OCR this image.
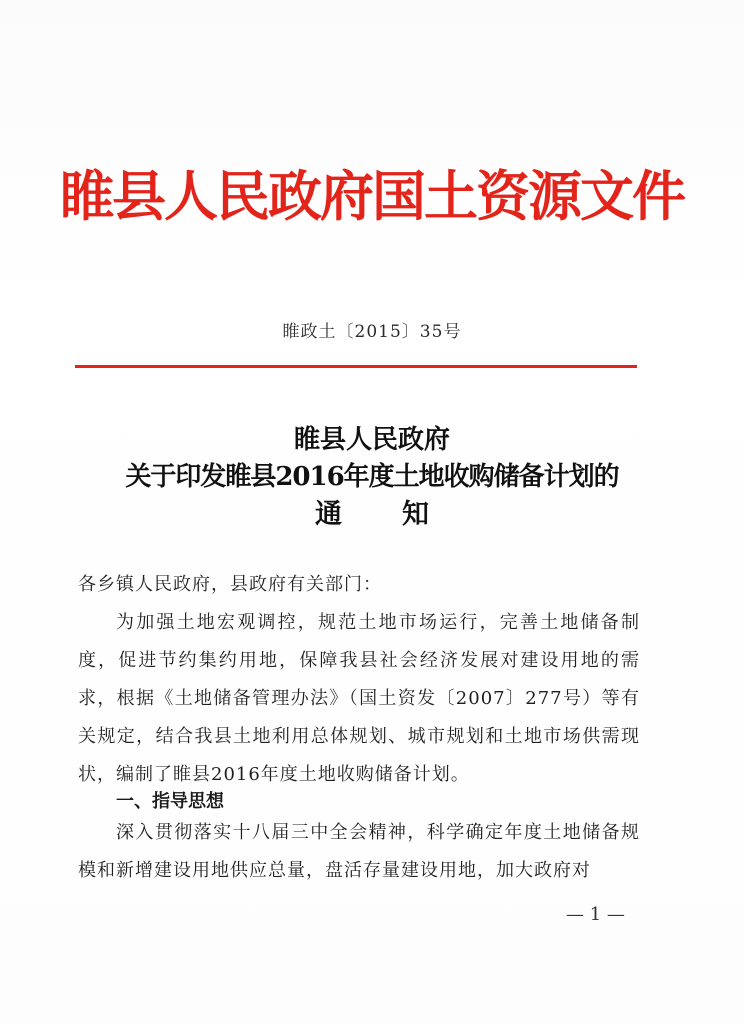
睢县人民政府国土资源文件
睢政土〔2015〕35号
睢县人民政府
关于印发睢县2016年度土地收购储备计划的
通 知
各乡镇人民政府，县政府有关部门：
为加强土地宏观调控，规范土地市场运行，完善土地储备制度，促进节约集约用地，保障我县社会经济发展对建设用地的需求，根据《土地储备管理办法》（国土资发〔2007〕277号）等有关规定，结合我县土地利用总体规划、城市规划和土地市场供需现状，编制了睢县2016年度土地收购储备计划。
一、指导思想
深入贯彻落实十八届三中全会精神，科学确定年度土地储备规模和新增建设用地供应总量，盘活存量建设用地，加大政府对
— 1 —
